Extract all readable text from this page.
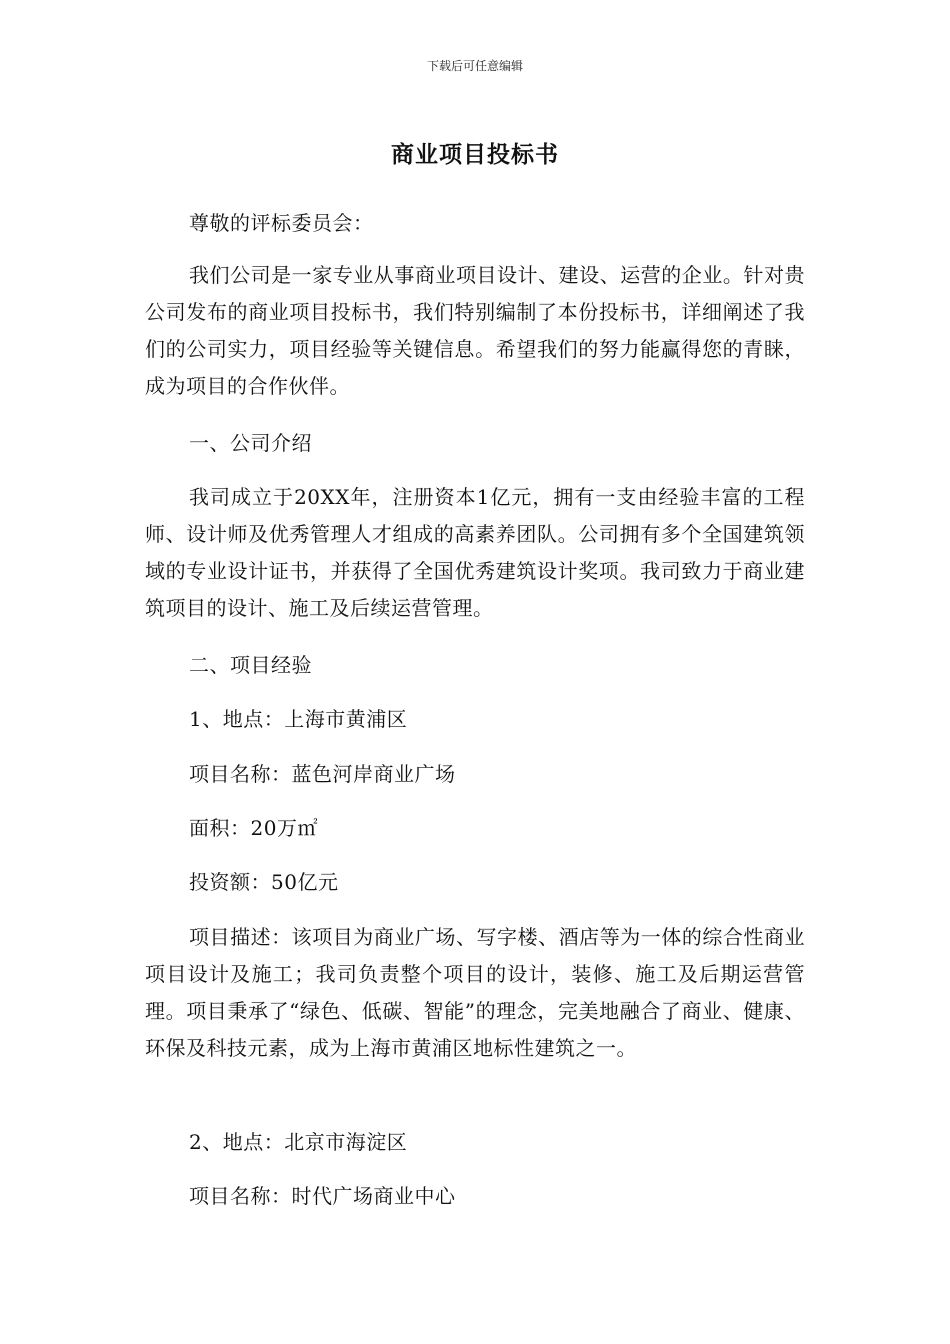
下载后可任意编辑
商业项目投标书

尊敬的评标委员会：

我们公司是一家专业从事商业项目设计、建设、运营的企业。针对贵公司发布的商业项目投标书，我们特别编制了本份投标书，详细阐述了我们的公司实力，项目经验等关键信息。希望我们的努力能赢得您的青睐，成为项目的合作伙伴。

一、公司介绍

我司成立于20XX年，注册资本1亿元，拥有一支由经验丰富的工程师、设计师及优秀管理人才组成的高素养团队。公司拥有多个全国建筑领域的专业设计证书，并获得了全国优秀建筑设计奖项。我司致力于商业建筑项目的设计、施工及后续运营管理。

二、项目经验

1、地点：上海市黄浦区

项目名称：蓝色河岸商业广场

面积：20万㎡

投资额：50亿元

项目描述：该项目为商业广场、写字楼、酒店等为一体的综合性商业项目设计及施工；我司负责整个项目的设计，装修、施工及后期运营管理。项目秉承了“绿色、低碳、智能”的理念，完美地融合了商业、健康、环保及科技元素，成为上海市黄浦区地标性建筑之一。

2、地点：北京市海淀区

项目名称：时代广场商业中心
